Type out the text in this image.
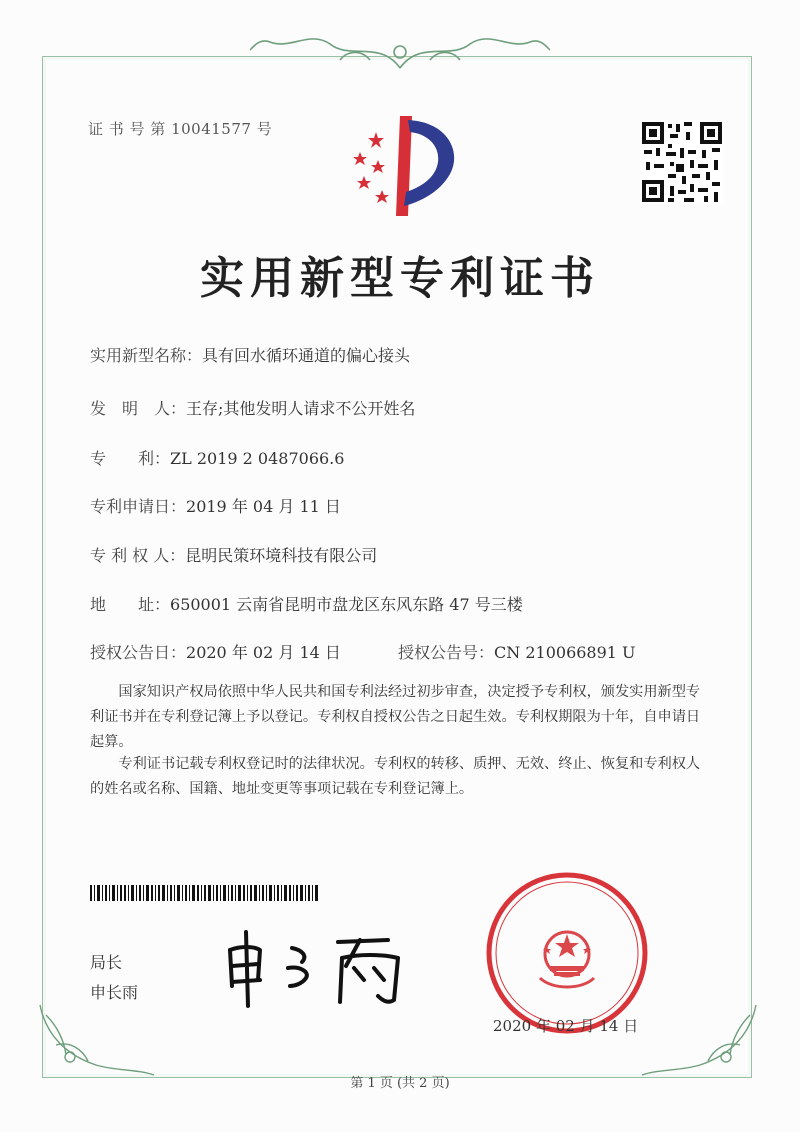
证 书 号 第 10041577 号
实用新型专利证书
实用新型名称：具有回水循环通道的偏心接头
发　明　人：王存;其他发明人请求不公开姓名
专　　利：ZL 2019 2 0487066.6
专利申请日：2019 年 04 月 11 日
专 利 权 人：昆明民策环境科技有限公司
地　　址：650001 云南省昆明市盘龙区东风东路 47 号三楼
授权公告日：2020 年 02 月 14 日	授权公告号：CN 210066891 U
国家知识产权局依照中华人民共和国专利法经过初步审查，决定授予专利权，颁发实用新型专利证书并在专利登记簿上予以登记。专利权自授权公告之日起生效。专利权期限为十年，自申请日起算。
专利证书记载专利权登记时的法律状况。专利权的转移、质押、无效、终止、恢复和专利权人的姓名或名称、国籍、地址变更等事项记载在专利登记簿上。
局长
申长雨
2020 年 02 月 14 日
第 1 页 (共 2 页)
